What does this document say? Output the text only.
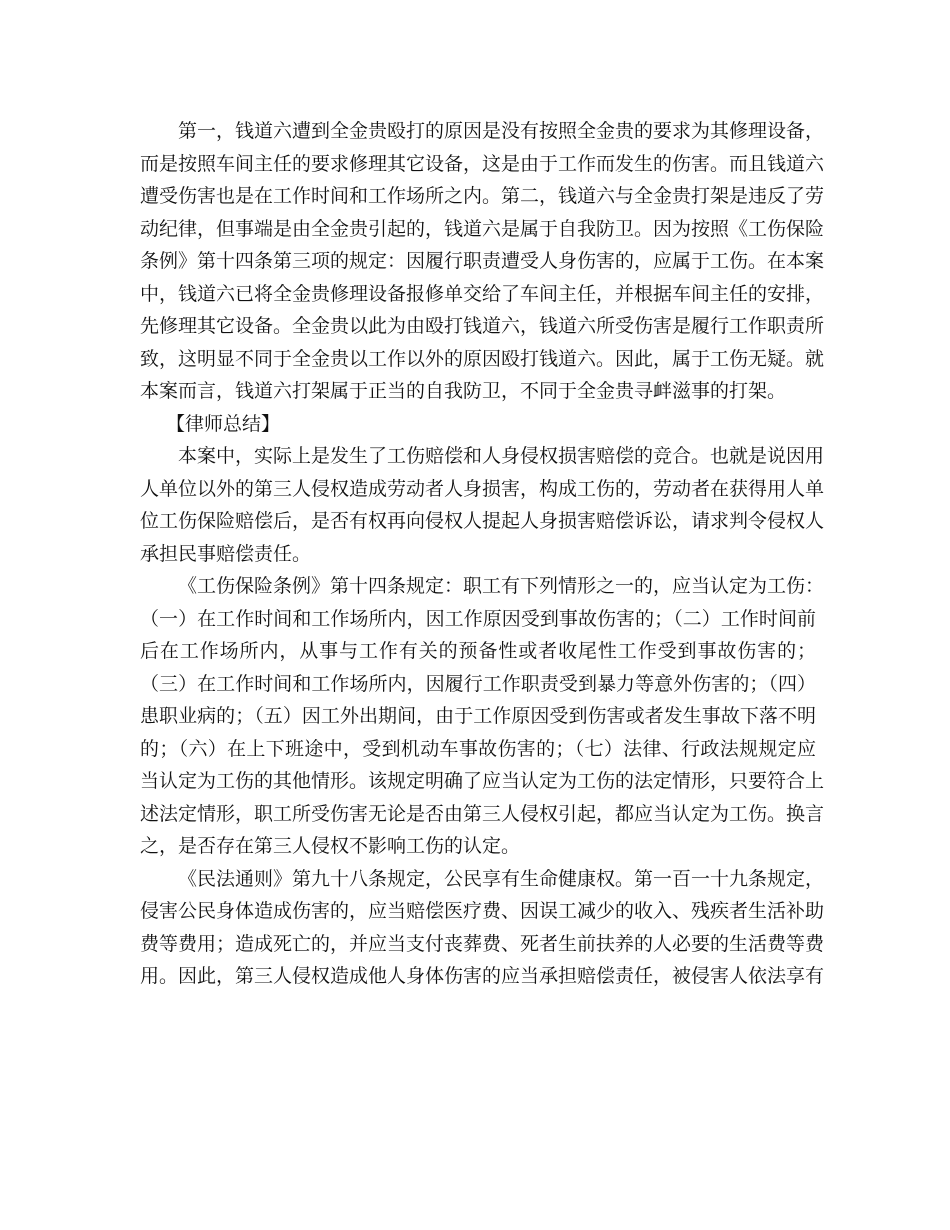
第一，钱道六遭到全金贵殴打的原因是没有按照全金贵的要求为其修理设备，
而是按照车间主任的要求修理其它设备，这是由于工作而发生的伤害。而且钱道六
遭受伤害也是在工作时间和工作场所之内。第二，钱道六与全金贵打架是违反了劳
动纪律，但事端是由全金贵引起的，钱道六是属于自我防卫。因为按照《工伤保险
条例》第十四条第三项的规定：因履行职责遭受人身伤害的，应属于工伤。在本案
中，钱道六已将全金贵修理设备报修单交给了车间主任，并根据车间主任的安排，
先修理其它设备。全金贵以此为由殴打钱道六，钱道六所受伤害是履行工作职责所
致，这明显不同于全金贵以工作以外的原因殴打钱道六。因此，属于工伤无疑。就
本案而言，钱道六打架属于正当的自我防卫，不同于全金贵寻衅滋事的打架。
【律师总结】
本案中，实际上是发生了工伤赔偿和人身侵权损害赔偿的竞合。也就是说因用
人单位以外的第三人侵权造成劳动者人身损害，构成工伤的，劳动者在获得用人单
位工伤保险赔偿后，是否有权再向侵权人提起人身损害赔偿诉讼，请求判令侵权人
承担民事赔偿责任。
《工伤保险条例》第十四条规定：职工有下列情形之一的，应当认定为工伤：
（一）在工作时间和工作场所内，因工作原因受到事故伤害的；（二）工作时间前
后在工作场所内，从事与工作有关的预备性或者收尾性工作受到事故伤害的；
（三）在工作时间和工作场所内，因履行工作职责受到暴力等意外伤害的；（四）
患职业病的；（五）因工外出期间，由于工作原因受到伤害或者发生事故下落不明
的；（六）在上下班途中，受到机动车事故伤害的；（七）法律、行政法规规定应
当认定为工伤的其他情形。该规定明确了应当认定为工伤的法定情形，只要符合上
述法定情形，职工所受伤害无论是否由第三人侵权引起，都应当认定为工伤。换言
之，是否存在第三人侵权不影响工伤的认定。
《民法通则》第九十八条规定，公民享有生命健康权。第一百一十九条规定，
侵害公民身体造成伤害的，应当赔偿医疗费、因误工减少的收入、残疾者生活补助
费等费用；造成死亡的，并应当支付丧葬费、死者生前扶养的人必要的生活费等费
用。因此，第三人侵权造成他人身体伤害的应当承担赔偿责任，被侵害人依法享有
